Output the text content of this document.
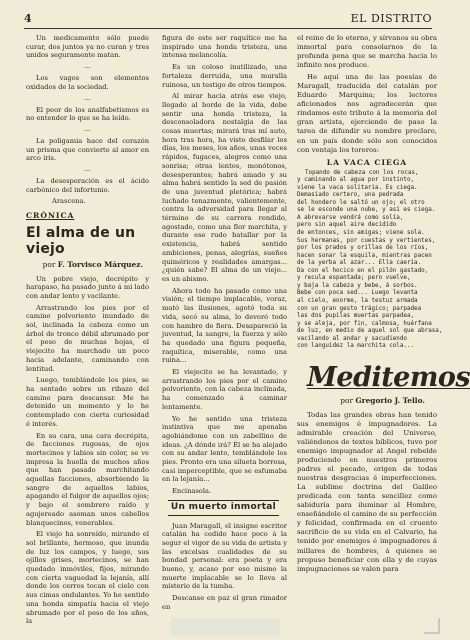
4	EL DISTRITO

Un medicamento sólo puede curar, dos juntos ya no curan y tres unidos seguramente matan.

—

Los vagos son elementos oxidados de la sociedad.

—

El peor de los analfabetismos es no entender lo que se ha leído.

—

La poligamia hace del corazón un prisma que convierte al amor en arco iris.

—

La desesperación es el ácido carbónico del infortunio.

Arascena.

CRÓNICA
El alma de un viejo
por F. Torvisco Márquez.

Un pobre viejo, decrépito y harapaso, ha pasado junto á mi lado con andar lento y vacilante.

Arrastrando los pies por el camino polvoriento inundado de sol, inclinada la cabeza como un árbol de tronco débil abrumado por el peso de muchas hojas, el viejecito ha marchado un poco hacia adelante, caminando con lentitud.

Luego, temblándole los pies, se ha sentado sobre un ribazo del camino para descansar. Me he detenido un momento y lo he contemplado con cierta curiosidad é interés.

En su cara, una cara decrépita, de facciones rugosas, de ojos mortecinos y labios sin color, se ve impresa la huella de muchos años que han pasado marchitando aquellas facciones, absorbiendo la sangre de aquellos labios, apagando el fulgor de aquellos ojos; y bajo el sombrero raído y agujereado asoman unos cabellos blanquecinos, venerables.

El viejo ha sonreído, mirando el sol brillante, hermoso, que inunda de luz los campos, y luego, sus ojillos grises, mortecinos, se han quedado inmóviles, fijos, mirando con cierta vaguedad la lejanía, allí donde los cerros tocan el cielo con sus cimas ondulantes. Yo he sentido una honda simpatía hacia el viejo abrumado por el peso de los años, la

figura de este ser raquítico me ha inspirado una honda tristeza, una intensa melancolía.

Es un coloso inutilizado, una fortaleza derruída, una muralla ruinosa, un testigo de otros tiempos.

Al mirar hacia atrás ese viejo, llegado al borde de la vida, debe sentir una honda tristeza, la desconsoladora nostalgia de las cosas muertas; mirará tras mí auto, hora tras hora, ha visto desfilar los días, los meses, los años, unas veces rápidos, fugaces, alegres como una sonrisa; otras lentos, monótonos, desesperantes; habrá amado y su alma habrá sentido la sed de pasión de una juventud pletórica; habrá luchado tenazmente, valientemente, contra la adversidad para llegar al término de su carrera rendido, agostado, como una flor marchita, y durante ese rudo batallar por la existencia, habrá sentido ambiciones, penas, alegrías, sueños quiméricos y realidades amargas... ¿quién sabe? El alma de un viejo... es un abismo.

Ahora todo ha pasado como una visión; el tiempo implacable, voraz, mató las ilusiones, agotó toda su vida, secó su alma, lo devoró todo con hambre de fiera. Desapareció la juventud, la sangre, la fuerza y sólo ha quedado una figura pequeña, raquítica, miserable, como una ruina...

El viejecito se ha levantado, y arrastrando los pies por el camino polvoriento, con la cabeza inclinada, ha comenzado á caminar lentamente.

Yo he sentido una tristeza instintiva que me apenaba agobiándome con un zabellino de ideas. ¿A dónde irá? Él se ha alejado con su andar lento, temblándole los pies. Pronto era una silueta borrosa, casi imperceptible, que se esfumaba en la lejanía...

Encinasola.

Un muerto inmortal

Juan Maragall, el insigne escritor catalán ha cedido hace poco á la segur el vigor de su vida de artista y las excelsas cualidades de su bondad personal: era poeta y era bueno, y, acaso por eso mismo la muerte implacable se lo lleva al misterio de la tumba.

Descanse en paz el gran rimador en

el reino de lo eterno, y sírvanos su obra inmortal para consolarnos de la profunda pena que se marcha hacia lo infinito nos produce.

He aquí una de las poesías de Maragall, traducida del catalán por Eduardo Marquina; los lectores aficionados nos agradecerán que rindamos este tributo á la memoria del gran artista, ejerciendo de paso la tarea de difundir su nombre preclaro, en un país donde sólo son conocidos con ventaja los toreros:

LA VACA CIEGA
Topando de cabeza con los rocas,
y caminando al agua por instinto,
viene la vaca solitaria. Es ciega.
Demasiado certero, una pedrada
del hondero le saltó un ojo; el otro
se le esconde una nube, y así es ciega.
A abrevarse vendrá como solía,
pero sin aquel aire decidido
de entonces, sin amigas; viene sola.
Sus hermanas, por cuestas y vertientes,
por los prados y orillas de los ríos,
hacen sonar la esquila, mientras pacen
de la yerba al azar... Ella caería.
Da con el hocico en el pilón gastado,
y recula espantada; pero vuelve,
y baja la cabeza y bebe, á sorbos.
Bebe con poca sed... Luego levanta
al cielo, enorme, la testuz armada
con un gran gesto trágico; parpadea
las dos pupilas muertas parpadea,
y se aleja, por fin, calmosa, huérfana
de luz, en medio de aquel sol que abrasa,
vacilando al andar y sacudiendo
con languidez la marchita cola...
Meditemos
por Gregorio J. Tello.

Todas las grandes obras han tenido sus enemigos é impugnadores. La admirable creación del Universo, valiéndonos de textos bíblicos, tuvo por enemigo impugnador al Angel rebelde produciendo en nuestros primeros padres el pecado, origen de todas nuestras desgracias é imperfecciones. La sublime doctrina del Galileo predicada con tanta sencillez como sabiduría para iluminar al Hombre, enseñándole el camino de su perfección y felicidad, confirmada en el cruento sacrificio de su vida en el Calvario, ha tenido por enemigos é impugnadores á millares de hombres, á quienes se propuso beneficiar con ella y de cuyas impugnaciones se valen para
